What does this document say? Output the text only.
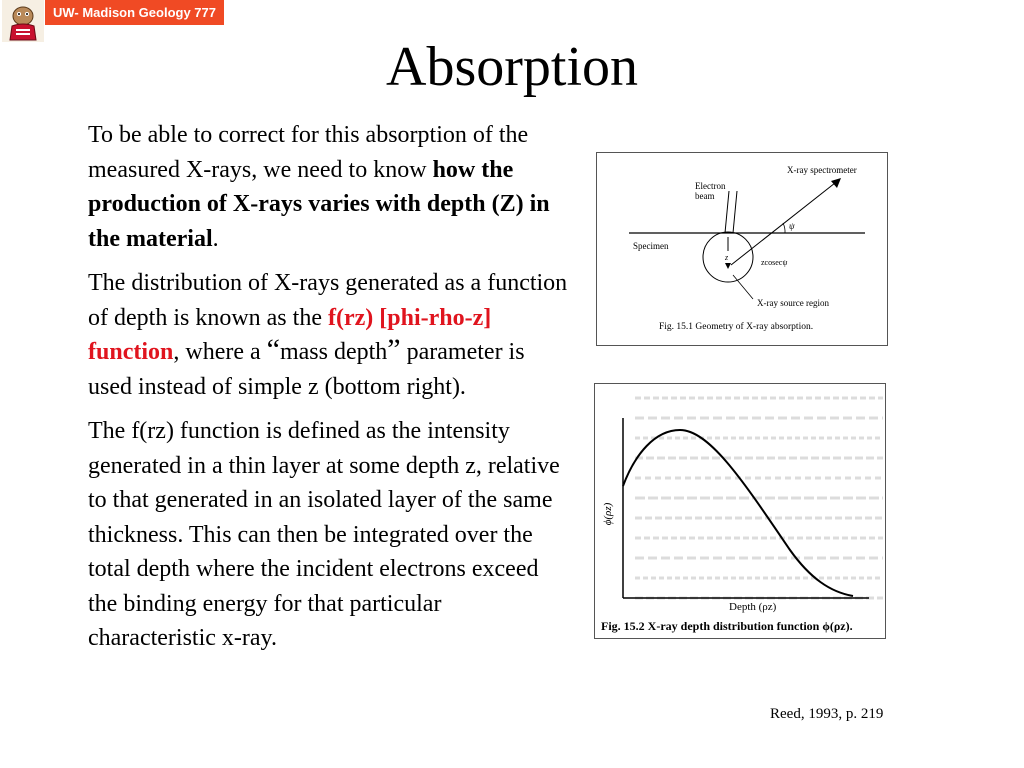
UW- Madison Geology 777
Absorption

To be able to correct for this absorption of the measured X-rays, we need to know how the production of X-rays varies with depth (Z) in the material.

The distribution of X-rays generated as a function of depth is known as the f(rz) [phi-rho-z] function, where a “mass depth” parameter is used instead of simple z (bottom right).

The f(rz) function is defined as the intensity generated in a thin layer at some depth z, relative to that generated in an isolated layer of the same thickness. This can then be integrated over the total depth where the incident electrons exceed the binding energy for that particular characteristic x-ray.

Specimen
Electron
beam
z
X-ray spectrometer
ψ
zcosecψ
X-ray source region
Fig. 15.1 Geometry of X-ray absorption.
ϕ(ρz)
Depth (ρz)
Fig. 15.2 X-ray depth distribution function ϕ(ρz).
Reed, 1993, p. 219
